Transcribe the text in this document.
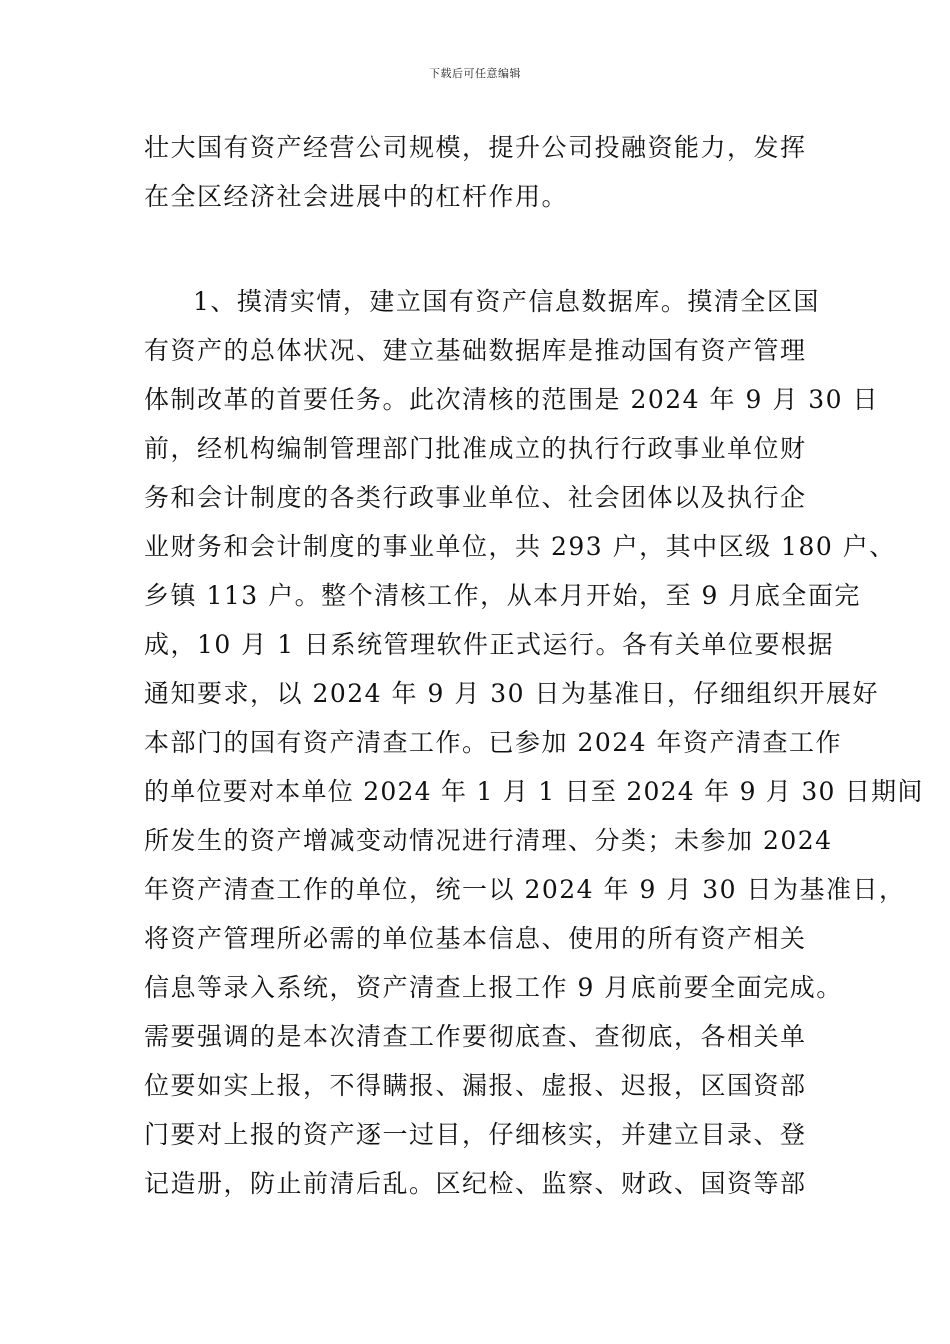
下载后可任意编辑
壮大国有资产经营公司规模，提升公司投融资能力，发挥
在全区经济社会进展中的杠杆作用。
1、摸清实情，建立国有资产信息数据库。摸清全区国
有资产的总体状况、建立基础数据库是推动国有资产管理
体制改革的首要任务。此次清核的范围是 2024 年 9 月 30 日
前，经机构编制管理部门批准成立的执行行政事业单位财
务和会计制度的各类行政事业单位、社会团体以及执行企
业财务和会计制度的事业单位，共 293 户，其中区级 180 户、
乡镇 113 户。整个清核工作，从本月开始，至 9 月底全面完
成，10 月 1 日系统管理软件正式运行。各有关单位要根据
通知要求，以 2024 年 9 月 30 日为基准日，仔细组织开展好
本部门的国有资产清查工作。已参加 2024 年资产清查工作
的单位要对本单位 2024 年 1 月 1 日至 2024 年 9 月 30 日期间
所发生的资产增减变动情况进行清理、分类；未参加 2024
年资产清查工作的单位，统一以 2024 年 9 月 30 日为基准日，
将资产管理所必需的单位基本信息、使用的所有资产相关
信息等录入系统，资产清查上报工作 9 月底前要全面完成。
需要强调的是本次清查工作要彻底查、查彻底，各相关单
位要如实上报，不得瞒报、漏报、虚报、迟报，区国资部
门要对上报的资产逐一过目，仔细核实，并建立目录、登
记造册，防止前清后乱。区纪检、监察、财政、国资等部
